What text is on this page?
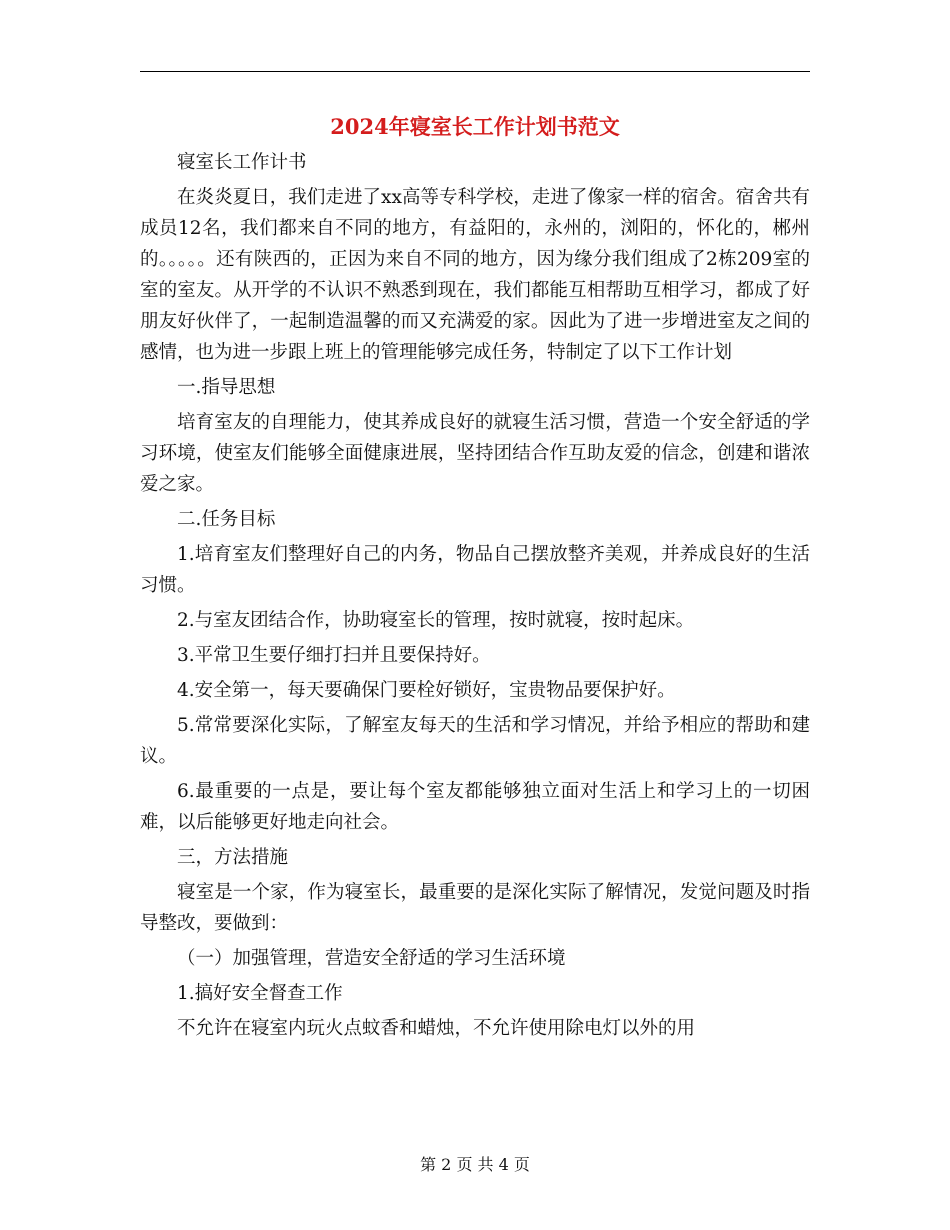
2024年寝室长工作计划书范文

寝室长工作计书

在炎炎夏日，我们走进了xx高等专科学校，走进了像家一样的宿舍。宿舍共有成员12名，我们都来自不同的地方，有益阳的，永州的，浏阳的，怀化的，郴州的。。。。。还有陕西的，正因为来自不同的地方，因为缘分我们组成了2栋209室的室的室友。从开学的不认识不熟悉到现在，我们都能互相帮助互相学习，都成了好朋友好伙伴了，一起制造温馨的而又充满爱的家。因此为了进一步增进室友之间的感情，也为进一步跟上班上的管理能够完成任务，特制定了以下工作计划

一.指导思想

培育室友的自理能力，使其养成良好的就寝生活习惯，营造一个安全舒适的学习环境，使室友们能够全面健康进展，坚持团结合作互助友爱的信念，创建和谐浓爱之家。

二.任务目标

1.培育室友们整理好自己的内务，物品自己摆放整齐美观，并养成良好的生活习惯。

2.与室友团结合作，协助寝室长的管理，按时就寝，按时起床。

3.平常卫生要仔细打扫并且要保持好。

4.安全第一，每天要确保门要栓好锁好，宝贵物品要保护好。

5.常常要深化实际，了解室友每天的生活和学习情况，并给予相应的帮助和建议。

6.最重要的一点是，要让每个室友都能够独立面对生活上和学习上的一切困难，以后能够更好地走向社会。

三，方法措施

寝室是一个家，作为寝室长，最重要的是深化实际了解情况，发觉问题及时指导整改，要做到：

（一）加强管理，营造安全舒适的学习生活环境

1.搞好安全督查工作

不允许在寝室内玩火点蚊香和蜡烛，不允许使用除电灯以外的用

第 2 页 共 4 页
